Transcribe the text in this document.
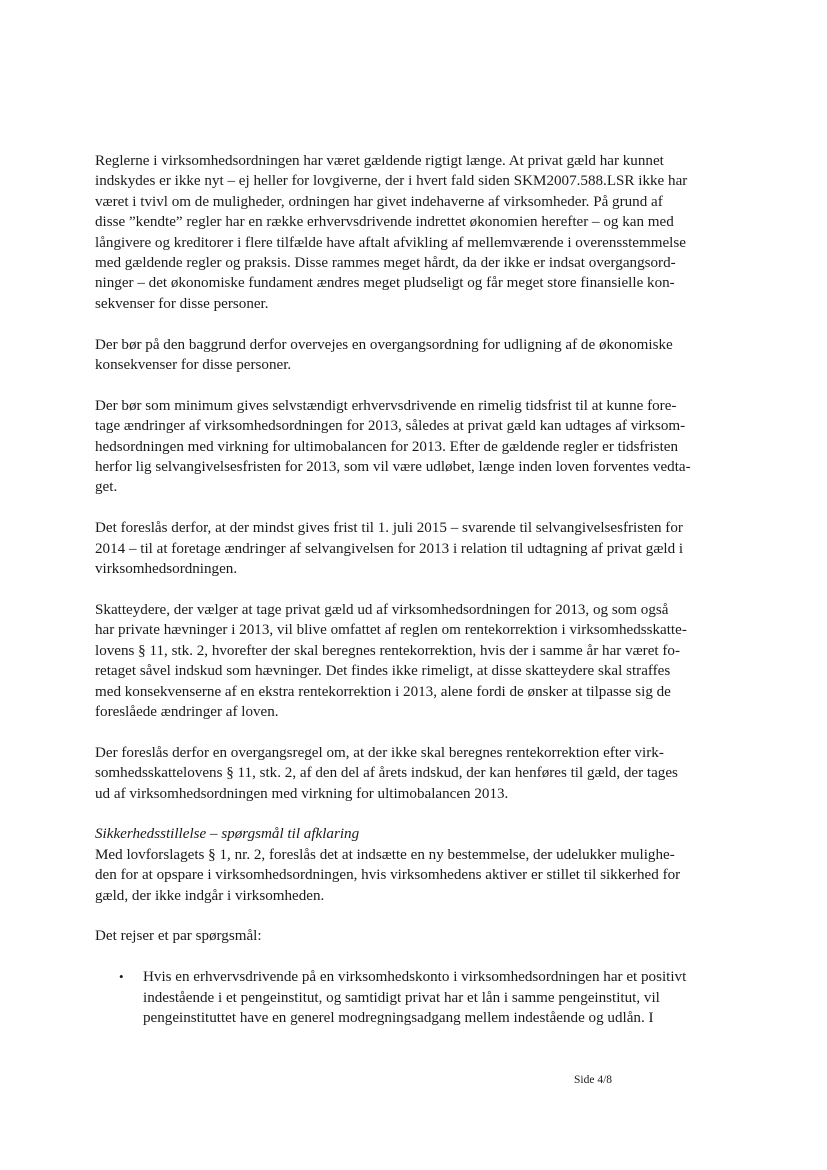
Reglerne i virksomhedsordningen har været gældende rigtigt længe. At privat gæld har kunnet
indskydes er ikke nyt – ej heller for lovgiverne, der i hvert fald siden SKM2007.588.LSR ikke har
været i tvivl om de muligheder, ordningen har givet indehaverne af virksomheder. På grund af
disse ”kendte” regler har en række erhvervsdrivende indrettet økonomien herefter – og kan med
långivere og kreditorer i flere tilfælde have aftalt afvikling af mellemværende i overensstemmelse
med gældende regler og praksis. Disse rammes meget hårdt, da der ikke er indsat overgangsord-
ninger – det økonomiske fundament ændres meget pludseligt og får meget store finansielle kon-
sekvenser for disse personer.

Der bør på den baggrund derfor overvejes en overgangsordning for udligning af de økonomiske
konsekvenser for disse personer.

Der bør som minimum gives selvstændigt erhvervsdrivende en rimelig tidsfrist til at kunne fore-
tage ændringer af virksomhedsordningen for 2013, således at privat gæld kan udtages af virksom-
hedsordningen med virkning for ultimobalancen for 2013. Efter de gældende regler er tidsfristen
herfor lig selvangivelsesfristen for 2013, som vil være udløbet, længe inden loven forventes vedta-
get.

Det foreslås derfor, at der mindst gives frist til 1. juli 2015 – svarende til selvangivelsesfristen for
2014 – til at foretage ændringer af selvangivelsen for 2013 i relation til udtagning af privat gæld i
virksomhedsordningen.

Skatteydere, der vælger at tage privat gæld ud af virksomhedsordningen for 2013, og som også
har private hævninger i 2013, vil blive omfattet af reglen om rentekorrektion i virksomhedsskatte-
lovens § 11, stk. 2, hvorefter der skal beregnes rentekorrektion, hvis der i samme år har været fo-
retaget såvel indskud som hævninger. Det findes ikke rimeligt, at disse skatteydere skal straffes
med konsekvenserne af en ekstra rentekorrektion i 2013, alene fordi de ønsker at tilpasse sig de
foreslåede ændringer af loven.

Der foreslås derfor en overgangsregel om, at der ikke skal beregnes rentekorrektion efter virk-
somhedsskattelovens § 11, stk. 2, af den del af årets indskud, der kan henføres til gæld, der tages
ud af virksomhedsordningen med virkning for ultimobalancen 2013.

Sikkerhedsstillelse – spørgsmål til afklaring
Med lovforslagets § 1, nr. 2, foreslås det at indsætte en ny bestemmelse, der udelukker mulighe-
den for at opspare i virksomhedsordningen, hvis virksomhedens aktiver er stillet til sikkerhed for
gæld, der ikke indgår i virksomheden.

Det rejser et par spørgsmål:

• Hvis en erhvervsdrivende på en virksomhedskonto i virksomhedsordningen har et positivt
indestående i et pengeinstitut, og samtidigt privat har et lån i samme pengeinstitut, vil
pengeinstituttet have en generel modregningsadgang mellem indestående og udlån. I
Side 4/8
